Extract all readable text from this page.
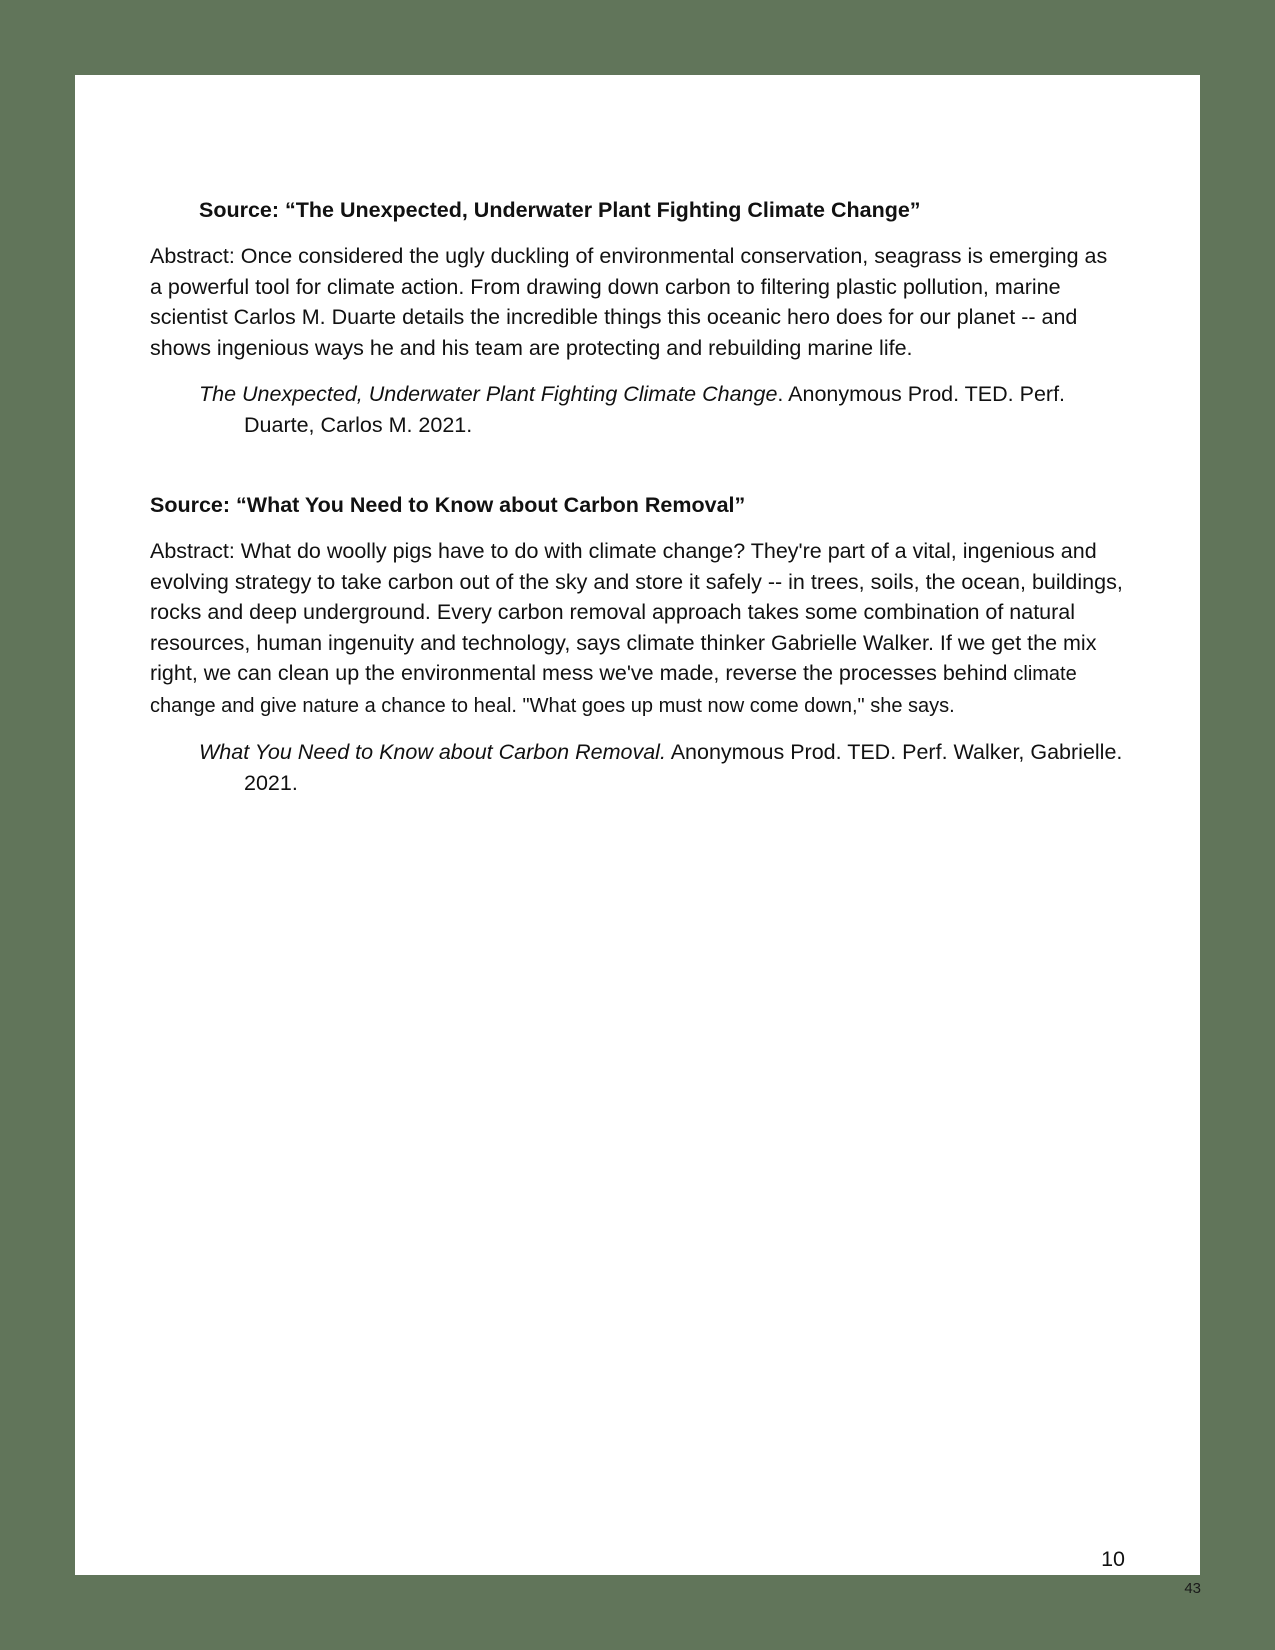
Source: “The Unexpected, Underwater Plant Fighting Climate Change”

Abstract: Once considered the ugly duckling of environmental conservation, seagrass is emerging as a powerful tool for climate action. From drawing down carbon to filtering plastic pollution, marine scientist Carlos M. Duarte details the incredible things this oceanic hero does for our planet -- and shows ingenious ways he and his team are protecting and rebuilding marine life.

The Unexpected, Underwater Plant Fighting Climate Change. Anonymous Prod. TED. Perf. Duarte, Carlos M. 2021.

Source: “What You Need to Know about Carbon Removal”

Abstract: What do woolly pigs have to do with climate change? They're part of a vital, ingenious and evolving strategy to take carbon out of the sky and store it safely -- in trees, soils, the ocean, buildings, rocks and deep underground. Every carbon removal approach takes some combination of natural resources, human ingenuity and technology, says climate thinker Gabrielle Walker. If we get the mix right, we can clean up the environmental mess we've made, reverse the processes behind climate change and give nature a chance to heal. "What goes up must now come down," she says.

What You Need to Know about Carbon Removal. Anonymous Prod. TED. Perf. Walker, Gabrielle. 2021.

10
43
